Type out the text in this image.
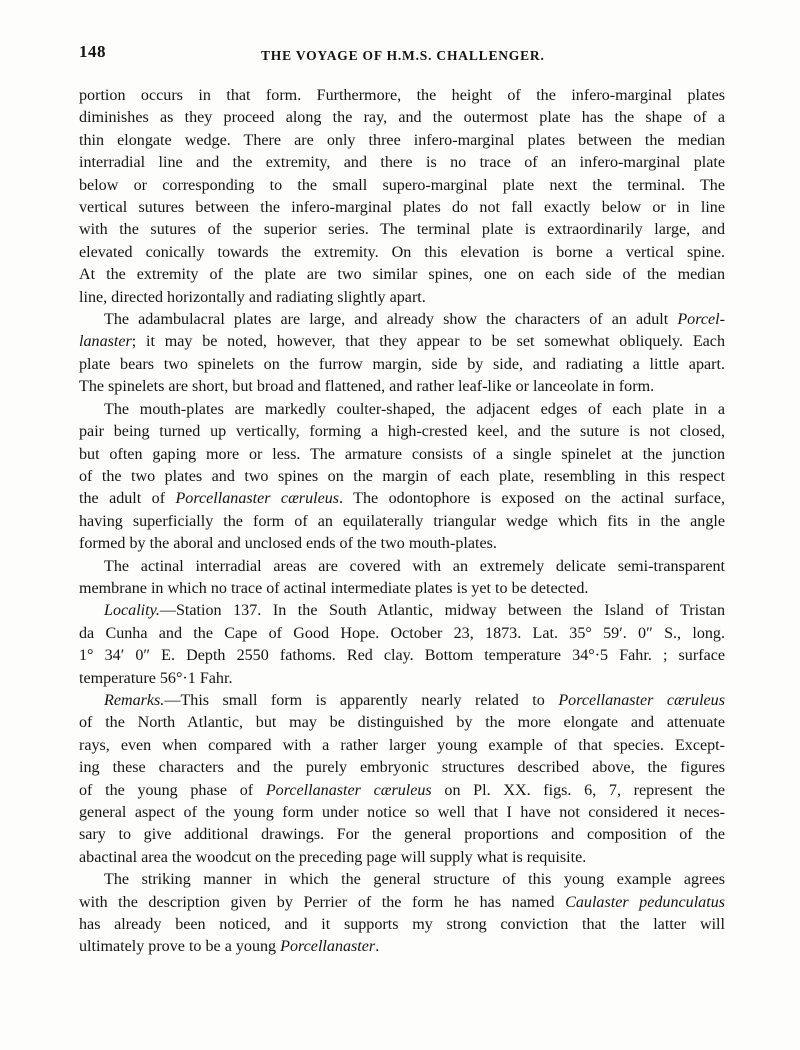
148	THE VOYAGE OF H.M.S. CHALLENGER.
portion occurs in that form. Furthermore, the height of the infero-marginal plates
diminishes as they proceed along the ray, and the outermost plate has the shape of a
thin elongate wedge. There are only three infero-marginal plates between the median
interradial line and the extremity, and there is no trace of an infero-marginal plate
below or corresponding to the small supero-marginal plate next the terminal. The
vertical sutures between the infero-marginal plates do not fall exactly below or in line
with the sutures of the superior series. The terminal plate is extraordinarily large, and
elevated conically towards the extremity. On this elevation is borne a vertical spine.
At the extremity of the plate are two similar spines, one on each side of the median
line, directed horizontally and radiating slightly apart.
The adambulacral plates are large, and already show the characters of an adult Porcel-
lanaster; it may be noted, however, that they appear to be set somewhat obliquely. Each
plate bears two spinelets on the furrow margin, side by side, and radiating a little apart.
The spinelets are short, but broad and flattened, and rather leaf-like or lanceolate in form.
The mouth-plates are markedly coulter-shaped, the adjacent edges of each plate in a
pair being turned up vertically, forming a high-crested keel, and the suture is not closed,
but often gaping more or less. The armature consists of a single spinelet at the junction
of the two plates and two spines on the margin of each plate, resembling in this respect
the adult of Porcellanaster cæruleus. The odontophore is exposed on the actinal surface,
having superficially the form of an equilaterally triangular wedge which fits in the angle
formed by the aboral and unclosed ends of the two mouth-plates.
The actinal interradial areas are covered with an extremely delicate semi-transparent
membrane in which no trace of actinal intermediate plates is yet to be detected.
Locality.—Station 137. In the South Atlantic, midway between the Island of Tristan
da Cunha and the Cape of Good Hope. October 23, 1873. Lat. 35° 59′. 0″ S., long.
1° 34′ 0″ E. Depth 2550 fathoms. Red clay. Bottom temperature 34°·5 Fahr. ; surface
temperature 56°·1 Fahr.
Remarks.—This small form is apparently nearly related to Porcellanaster cæruleus
of the North Atlantic, but may be distinguished by the more elongate and attenuate
rays, even when compared with a rather larger young example of that species. Except-
ing these characters and the purely embryonic structures described above, the figures
of the young phase of Porcellanaster cæruleus on Pl. XX. figs. 6, 7, represent the
general aspect of the young form under notice so well that I have not considered it neces-
sary to give additional drawings. For the general proportions and composition of the
abactinal area the woodcut on the preceding page will supply what is requisite.
The striking manner in which the general structure of this young example agrees
with the description given by Perrier of the form he has named Caulaster pedunculatus
has already been noticed, and it supports my strong conviction that the latter will
ultimately prove to be a young Porcellanaster.
